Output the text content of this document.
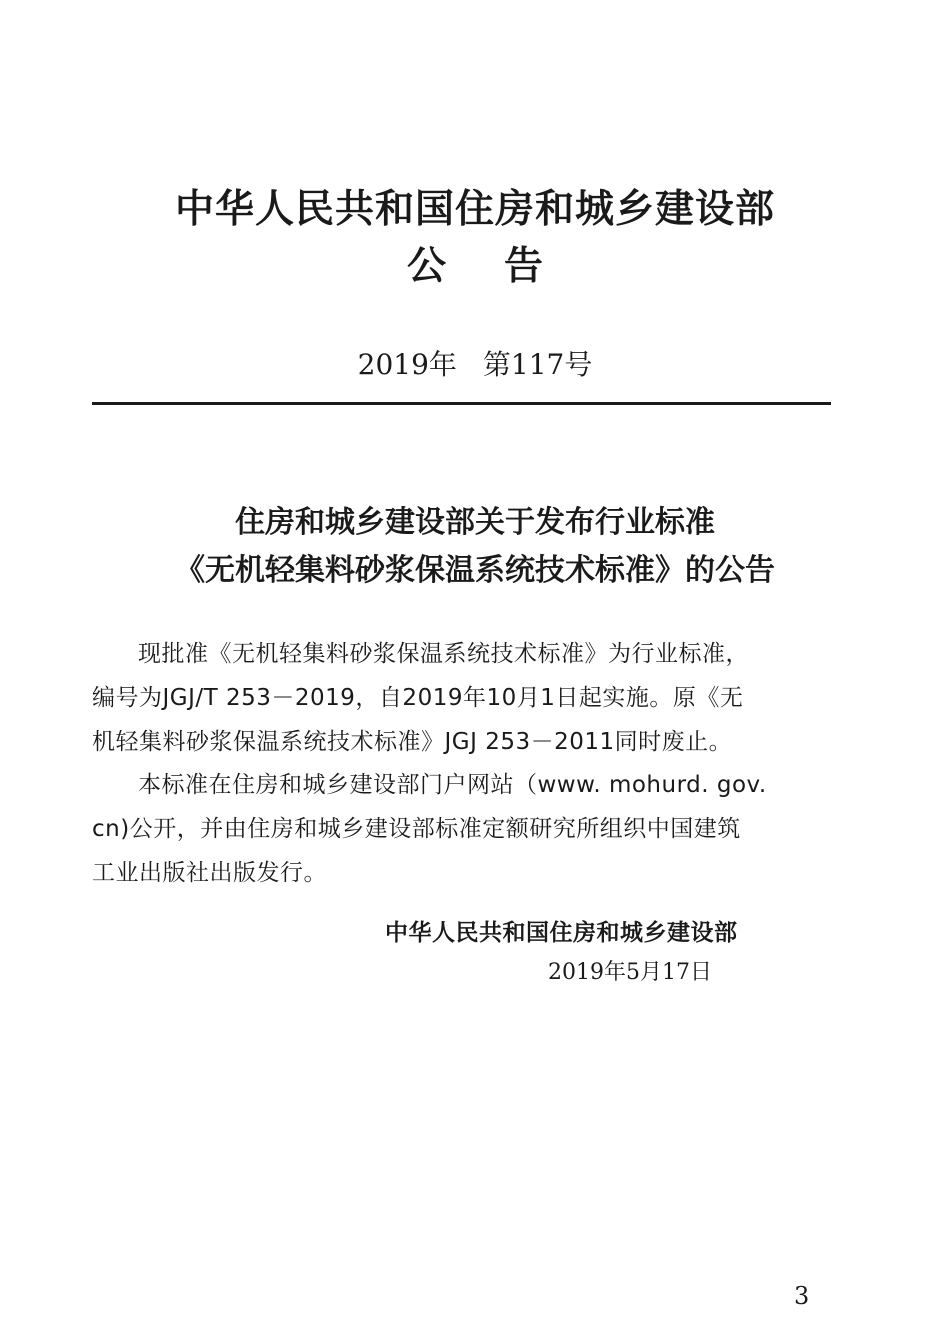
中华人民共和国住房和城乡建设部
公告

2019年 第117号

住房和城乡建设部关于发布行业标准
《无机轻集料砂浆保温系统技术标准》的公告
现批准《无机轻集料砂浆保温系统技术标准》为行业标准，
编号为JGJ/T 253－2019，自2019年10月1日起实施。原《无
机轻集料砂浆保温系统技术标准》JGJ 253－2011同时废止。
本标准在住房和城乡建设部门户网站（www. mohurd. gov.
cn)公开，并由住房和城乡建设部标准定额研究所组织中国建筑
工业出版社出版发行。

中华人民共和国住房和城乡建设部

2019年5月17日

3
